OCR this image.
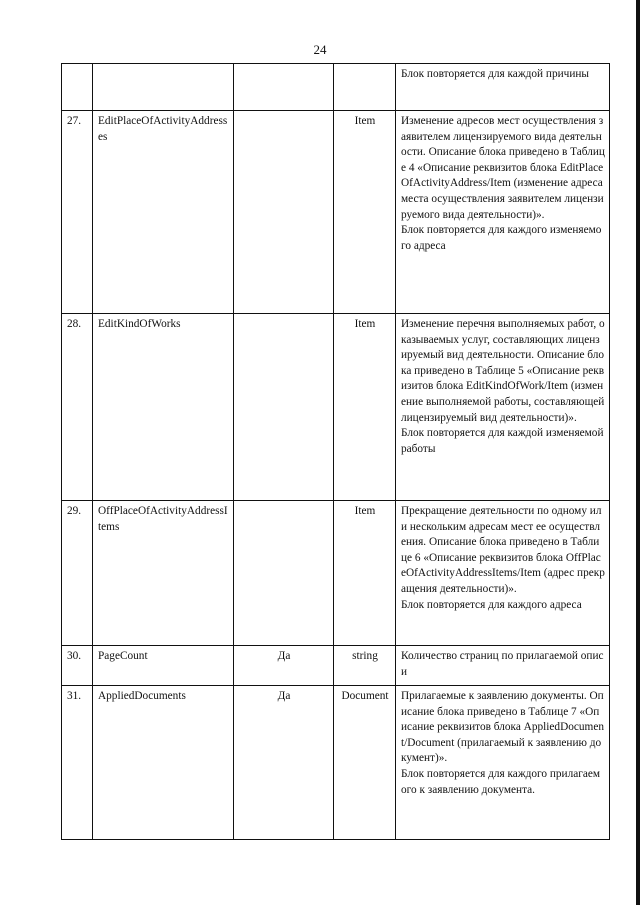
24

				Блок повторяется для каждой причины

27.	EditPlaceOfActivityAddresses		Item	Изменение адресов мест осуществления заявителем лицензируемого вида деятельности. Описание блока приведено в Таблице 4 «Описание реквизитов блока EditPlaceOfActivityAddress/Item (изменение адреса места осуществления заявителем лицензируемого вида деятельности)».
Блок повторяется для каждого изменяемого адреса

28.	EditKindOfWorks		Item	Изменение перечня выполняемых работ, оказываемых услуг, составляющих лицензируемый вид деятельности. Описание блока приведено в Таблице 5 «Описание реквизитов блока EditKindOfWork/Item (изменение выполняемой работы, составляющей лицензируемый вид деятельности)».
Блок повторяется для каждой изменяемой работы

29.	OffPlaceOfActivityAddressItems		Item	Прекращение деятельности по одному или нескольким адресам мест ее осуществления. Описание блока приведено в Таблице 6 «Описание реквизитов блока OffPlaceOfActivityAddressItems/Item (адрес прекращения деятельности)».
Блок повторяется для каждого адреса

30.	PageCount	Да	string	Количество страниц по прилагаемой описи

31.	AppliedDocuments	Да	Document	Прилагаемые к заявлению документы. Описание блока приведено в Таблице 7 «Описание реквизитов блока AppliedDocument/Document (прилагаемый к заявлению документ)».
Блок повторяется для каждого прилагаемого к заявлению документа.
